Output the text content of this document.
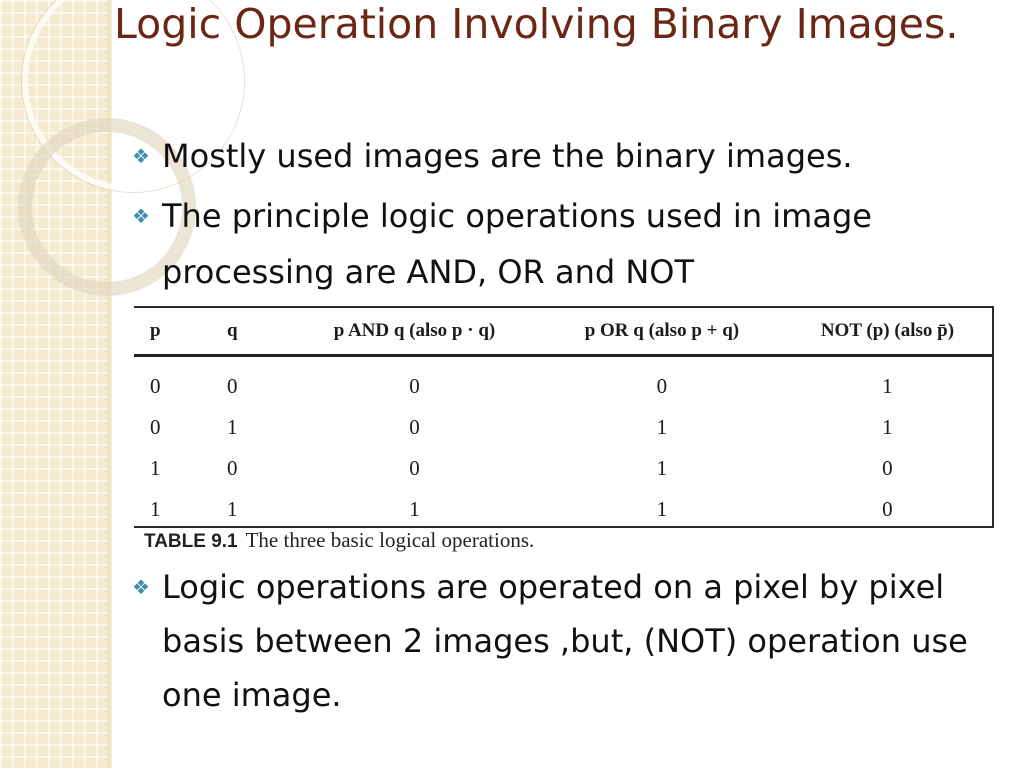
Logic Operation Involving Binary Images.
❖ Mostly used images are the binary images.
❖ The principle logic operations used in image processing are AND, OR and NOT
p	q	p AND q (also p · q)	p OR q (also p + q)	NOT (p) (also p̄)
0	0	0	0	1
0	1	0	1	1
1	0	0	1	0
1	1	1	1	0
TABLE 9.1 The three basic logical operations.
❖ Logic operations are operated on a pixel by pixel basis between 2 images ,but, (NOT) operation use one image.
